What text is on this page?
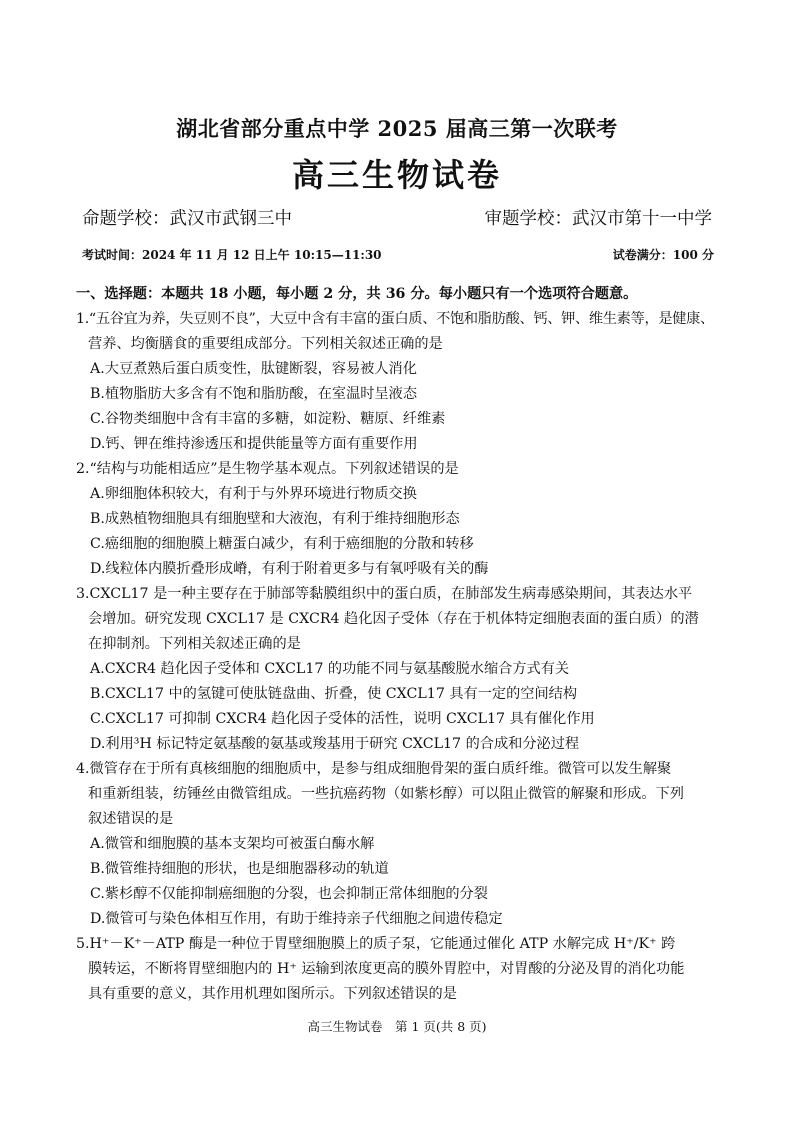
湖北省部分重点中学 2025 届高三第一次联考
高三生物试卷
命题学校：武汉市武钢三中	审题学校：武汉市第十一中学
考试时间：2024 年 11 月 12 日上午 10:15—11:30	试卷满分：100 分
一、选择题：本题共 18 小题，每小题 2 分，共 36 分。每小题只有一个选项符合题意。
1.“五谷宜为养，失豆则不良”，大豆中含有丰富的蛋白质、不饱和脂肪酸、钙、钾、维生素等，是健康、
营养、均衡膳食的重要组成部分。下列相关叙述正确的是
A.大豆煮熟后蛋白质变性，肽键断裂，容易被人消化
B.植物脂肪大多含有不饱和脂肪酸，在室温时呈液态
C.谷物类细胞中含有丰富的多糖，如淀粉、糖原、纤维素
D.钙、钾在维持渗透压和提供能量等方面有重要作用
2.“结构与功能相适应”是生物学基本观点。下列叙述错误的是
A.卵细胞体积较大，有利于与外界环境进行物质交换
B.成熟植物细胞具有细胞壁和大液泡，有利于维持细胞形态
C.癌细胞的细胞膜上糖蛋白减少，有利于癌细胞的分散和转移
D.线粒体内膜折叠形成嵴，有利于附着更多与有氧呼吸有关的酶
3.CXCL17 是一种主要存在于肺部等黏膜组织中的蛋白质，在肺部发生病毒感染期间，其表达水平
会增加。研究发现 CXCL17 是 CXCR4 趋化因子受体（存在于机体特定细胞表面的蛋白质）的潜
在抑制剂。下列相关叙述正确的是
A.CXCR4 趋化因子受体和 CXCL17 的功能不同与氨基酸脱水缩合方式有关
B.CXCL17 中的氢键可使肽链盘曲、折叠，使 CXCL17 具有一定的空间结构
C.CXCL17 可抑制 CXCR4 趋化因子受体的活性，说明 CXCL17 具有催化作用
D.利用³H 标记特定氨基酸的氨基或羧基用于研究 CXCL17 的合成和分泌过程
4.微管存在于所有真核细胞的细胞质中，是参与组成细胞骨架的蛋白质纤维。微管可以发生解聚
和重新组装，纺锤丝由微管组成。一些抗癌药物（如紫杉醇）可以阻止微管的解聚和形成。下列
叙述错误的是
A.微管和细胞膜的基本支架均可被蛋白酶水解
B.微管维持细胞的形状，也是细胞器移动的轨道
C.紫杉醇不仅能抑制癌细胞的分裂，也会抑制正常体细胞的分裂
D.微管可与染色体相互作用，有助于维持亲子代细胞之间遗传稳定
5.H⁺－K⁺－ATP 酶是一种位于胃壁细胞膜上的质子泵，它能通过催化 ATP 水解完成 H⁺/K⁺ 跨
膜转运，不断将胃壁细胞内的 H⁺ 运输到浓度更高的膜外胃腔中，对胃酸的分泌及胃的消化功能
具有重要的意义，其作用机理如图所示。下列叙述错误的是
高三生物试卷　第 1 页(共 8 页)
